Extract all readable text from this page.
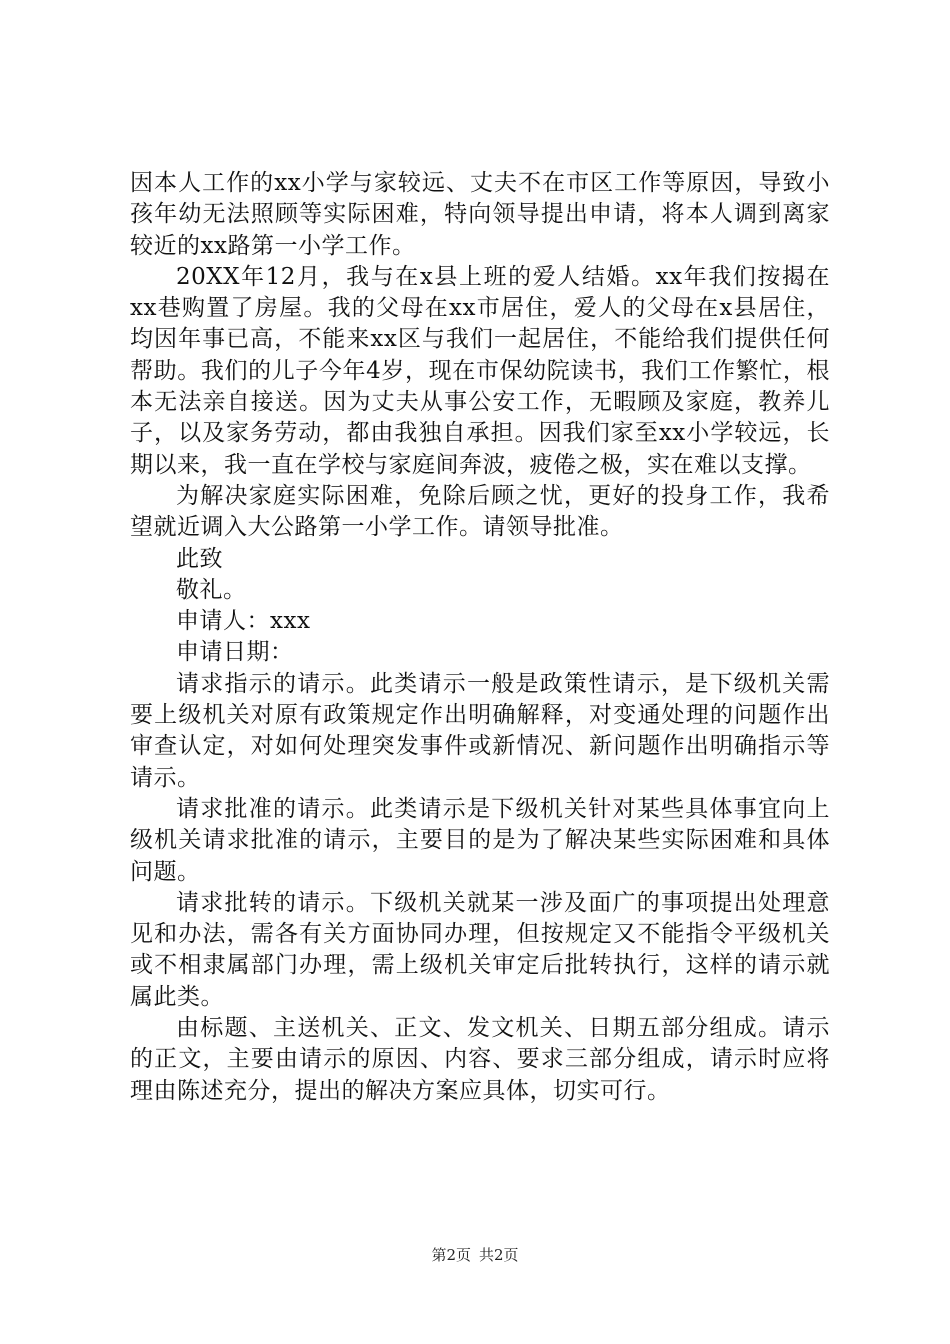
因本人工作的xx小学与家较远、丈夫不在市区工作等原因，导致小孩年幼无法照顾等实际困难，特向领导提出申请，将本人调到离家较近的xx路第一小学工作。

20XX年12月，我与在x县上班的爱人结婚。xx年我们按揭在xx巷购置了房屋。我的父母在xx市居住，爱人的父母在x县居住，均因年事已高，不能来xx区与我们一起居住，不能给我们提供任何帮助。我们的儿子今年4岁，现在市保幼院读书，我们工作繁忙，根本无法亲自接送。因为丈夫从事公安工作，无暇顾及家庭，教养儿子，以及家务劳动，都由我独自承担。因我们家至xx小学较远，长期以来，我一直在学校与家庭间奔波，疲倦之极，实在难以支撑。

为解决家庭实际困难，免除后顾之忧，更好的投身工作，我希望就近调入大公路第一小学工作。请领导批准。

此致

敬礼。

申请人：xxx

申请日期：

请求指示的请示。此类请示一般是政策性请示，是下级机关需要上级机关对原有政策规定作出明确解释，对变通处理的问题作出审查认定，对如何处理突发事件或新情况、新问题作出明确指示等请示。

请求批准的请示。此类请示是下级机关针对某些具体事宜向上级机关请求批准的请示，主要目的是为了解决某些实际困难和具体问题。

请求批转的请示。下级机关就某一涉及面广的事项提出处理意见和办法，需各有关方面协同办理，但按规定又不能指令平级机关或不相隶属部门办理，需上级机关审定后批转执行，这样的请示就属此类。

由标题、主送机关、正文、发文机关、日期五部分组成。请示的正文，主要由请示的原因、内容、要求三部分组成，请示时应将理由陈述充分，提出的解决方案应具体，切实可行。

第2页 共2页
